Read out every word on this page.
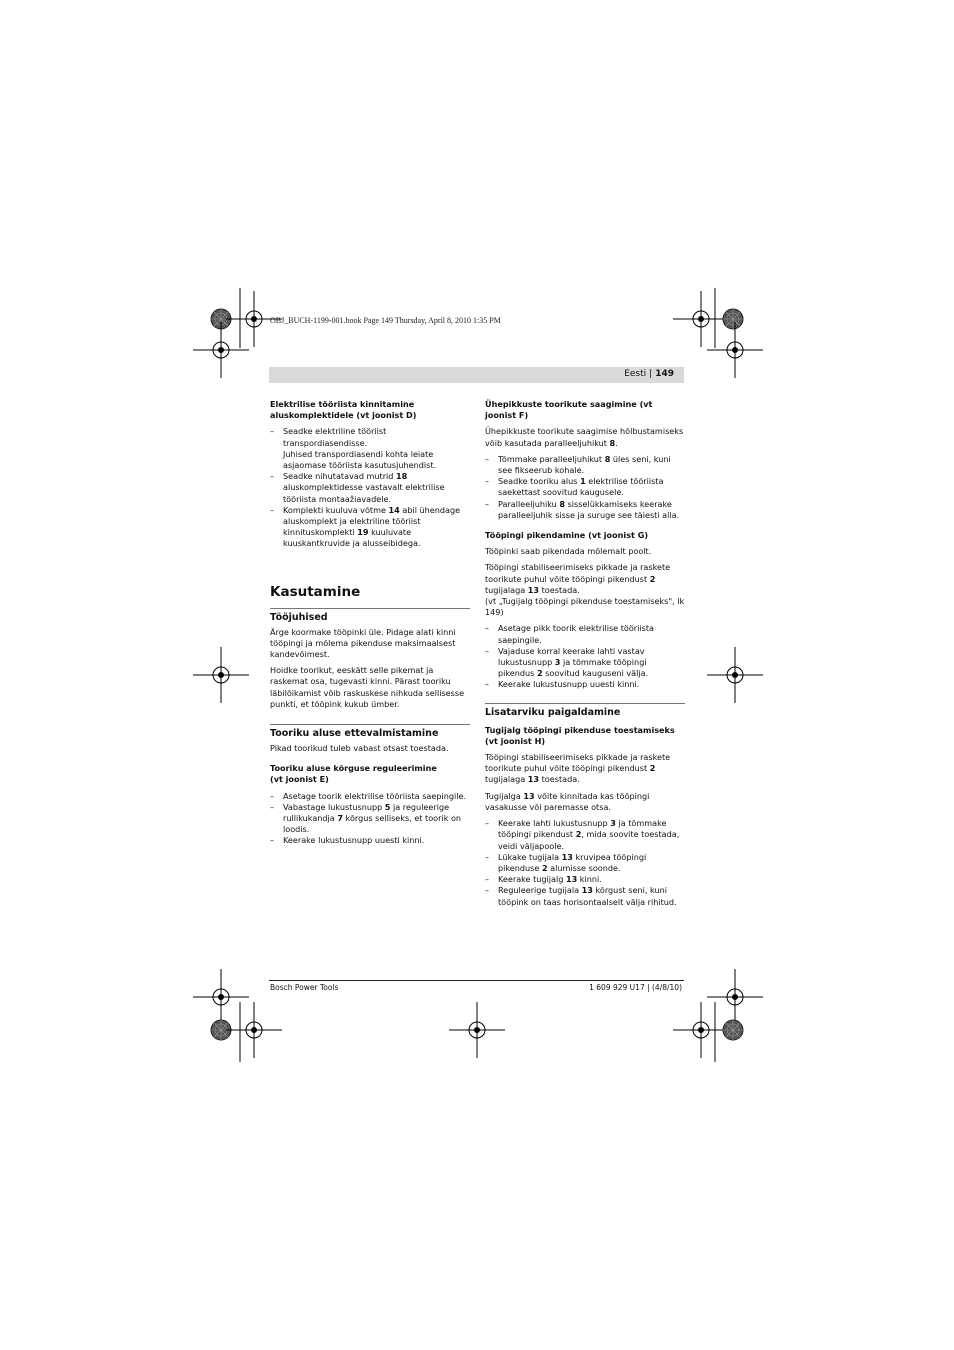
OBJ_BUCH-1199-001.book Page 149 Thursday, April 8, 2010 1:35 PM
Eesti | 149
Elektrilise tööriista kinnitamine
aluskomplektidele (vt joonist D)
– Seadke elektriline tööriist transpordiasendisse.
Juhised transpordiasendi kohta leiate asjaomase tööriista kasutusjuhendist.
– Seadke nihutatavad mutrid 18 aluskomplektidesse vastavalt elektrilise tööriista montaažiavadele.
– Komplekti kuuluva võtme 14 abil ühendage aluskomplekt ja elektriline tööriist kinnituskomplekti 19 kuuluvate kuuskantkruvide ja alusseibidega.
Kasutamine
Tööjuhised

Ärge koormake tööpinki üle. Pidage alati kinni tööpingi ja mõlema pikenduse maksimaalsest kandevõimest.

Hoidke toorikut, eeskätt selle pikemat ja raskemat osa, tugevasti kinni. Pärast tooriku läbilõikamist võib raskuskese nihkuda sellisesse punkti, et tööpink kukub ümber.

Tooriku aluse ettevalmistamine

Pikad toorikud tuleb vabast otsast toestada.

Tooriku aluse kõrguse reguleerimine
(vt joonist E)
– Asetage toorik elektrilise tööriista saepingile.
– Vabastage lukustusnupp 5 ja reguleerige rullikukandja 7 kõrgus selliseks, et toorik on loodis.
– Keerake lukustusnupp uuesti kinni.
Ühepikkuste toorikute saagimine (vt joonist F)

Ühepikkuste toorikute saagimise hõlbustamiseks võib kasutada paralleeljuhikut 8.

– Tõmmake paralleeljuhikut 8 üles seni, kuni see fikseerub kohale.
– Seadke tooriku alus 1 elektrilise tööriista saekettast soovitud kaugusele.
– Paralleeljuhiku 8 sisselükkamiseks keerake paralleeljuhik sisse ja suruge see täiesti alla.
Tööpingi pikendamine (vt joonist G)

Tööpinki saab pikendada mõlemalt poolt.

Tööpingi stabiliseerimiseks pikkade ja raskete toorikute puhul võite tööpingi pikendust 2 tugijalaga 13 toestada.
(vt „Tugijalg tööpingi pikenduse toestamiseks", lk 149)

– Asetage pikk toorik elektrilise tööriista saepingile.
– Vajaduse korral keerake lahti vastav lukustusnupp 3 ja tõmmake tööpingi pikendus 2 soovitud kauguseni välja.
– Keerake lukustusnupp uuesti kinni.
Lisatarviku paigaldamine
Tugijalg tööpingi pikenduse toestamiseks
(vt joonist H)

Tööpingi stabiliseerimiseks pikkade ja raskete toorikute puhul võite tööpingi pikendust 2 tugijalaga 13 toestada.

Tugijalga 13 võite kinnitada kas tööpingi vasakusse või paremasse otsa.

– Keerake lahti lukustusnupp 3 ja tõmmake tööpingi pikendust 2, mida soovite toestada, veidi väljapoole.
– Lükake tugijala 13 kruvipea tööpingi pikenduse 2 alumisse soonde.
– Keerake tugijalg 13 kinni.
– Reguleerige tugijala 13 kõrgust seni, kuni tööpink on taas horisontaalselt välja rihitud.
Bosch Power Tools	1 609 929 U17 | (4/8/10)
